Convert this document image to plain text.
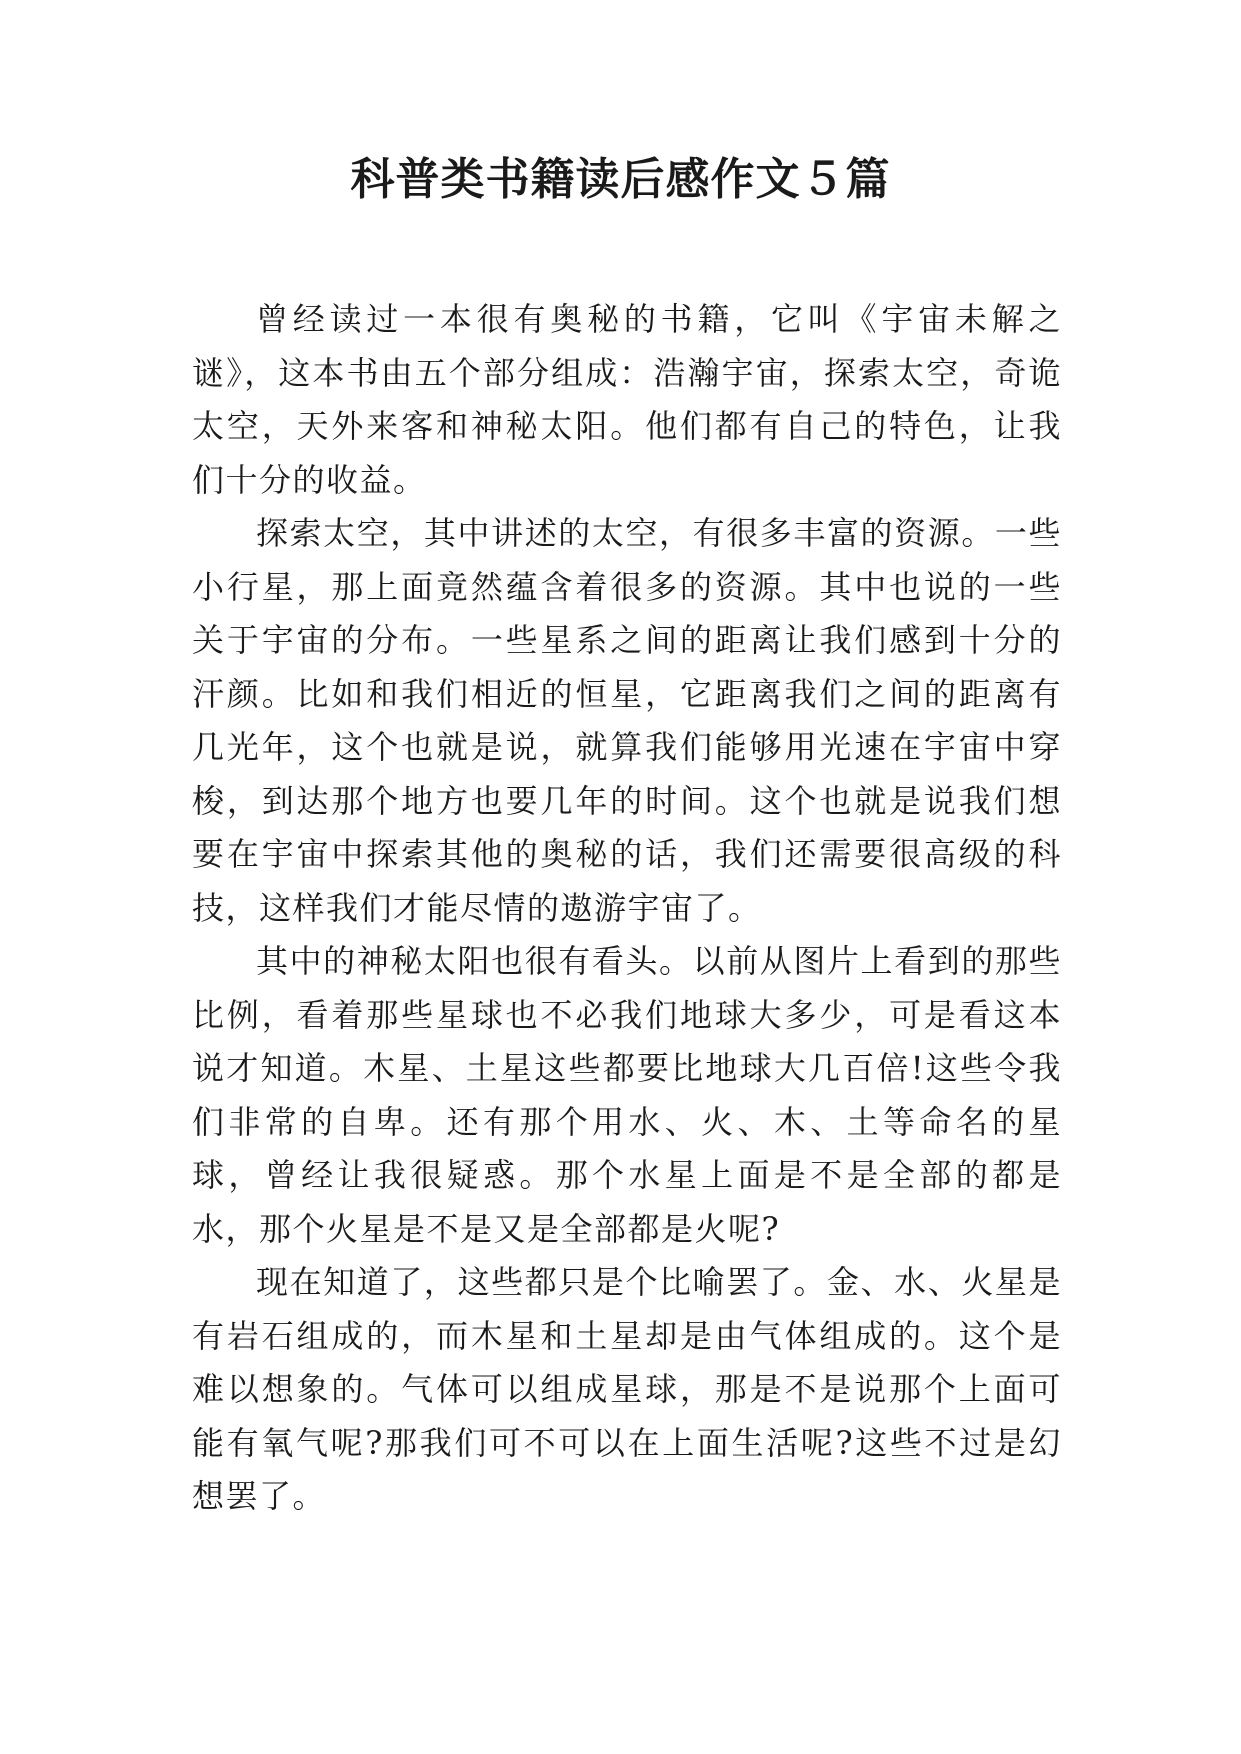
科普类书籍读后感作文５篇

曾经读过一本很有奥秘的书籍，它叫《宇宙未解之谜》，这本书由五个部分组成：浩瀚宇宙，探索太空，奇诡太空，天外来客和神秘太阳。他们都有自己的特色，让我们十分的收益。

探索太空，其中讲述的太空，有很多丰富的资源。一些小行星，那上面竟然蕴含着很多的资源。其中也说的一些关于宇宙的分布。一些星系之间的距离让我们感到十分的汗颜。比如和我们相近的恒星，它距离我们之间的距离有几光年，这个也就是说，就算我们能够用光速在宇宙中穿梭，到达那个地方也要几年的时间。这个也就是说我们想要在宇宙中探索其他的奥秘的话，我们还需要很高级的科技，这样我们才能尽情的遨游宇宙了。

其中的神秘太阳也很有看头。以前从图片上看到的那些比例，看着那些星球也不必我们地球大多少，可是看这本说才知道。木星、土星这些都要比地球大几百倍!这些令我们非常的自卑。还有那个用水、火、木、土等命名的星球，曾经让我很疑惑。那个水星上面是不是全部的都是水，那个火星是不是又是全部都是火呢?

现在知道了，这些都只是个比喻罢了。金、水、火星是有岩石组成的，而木星和土星却是由气体组成的。这个是难以想象的。气体可以组成星球，那是不是说那个上面可能有氧气呢?那我们可不可以在上面生活呢?这些不过是幻想罢了。
